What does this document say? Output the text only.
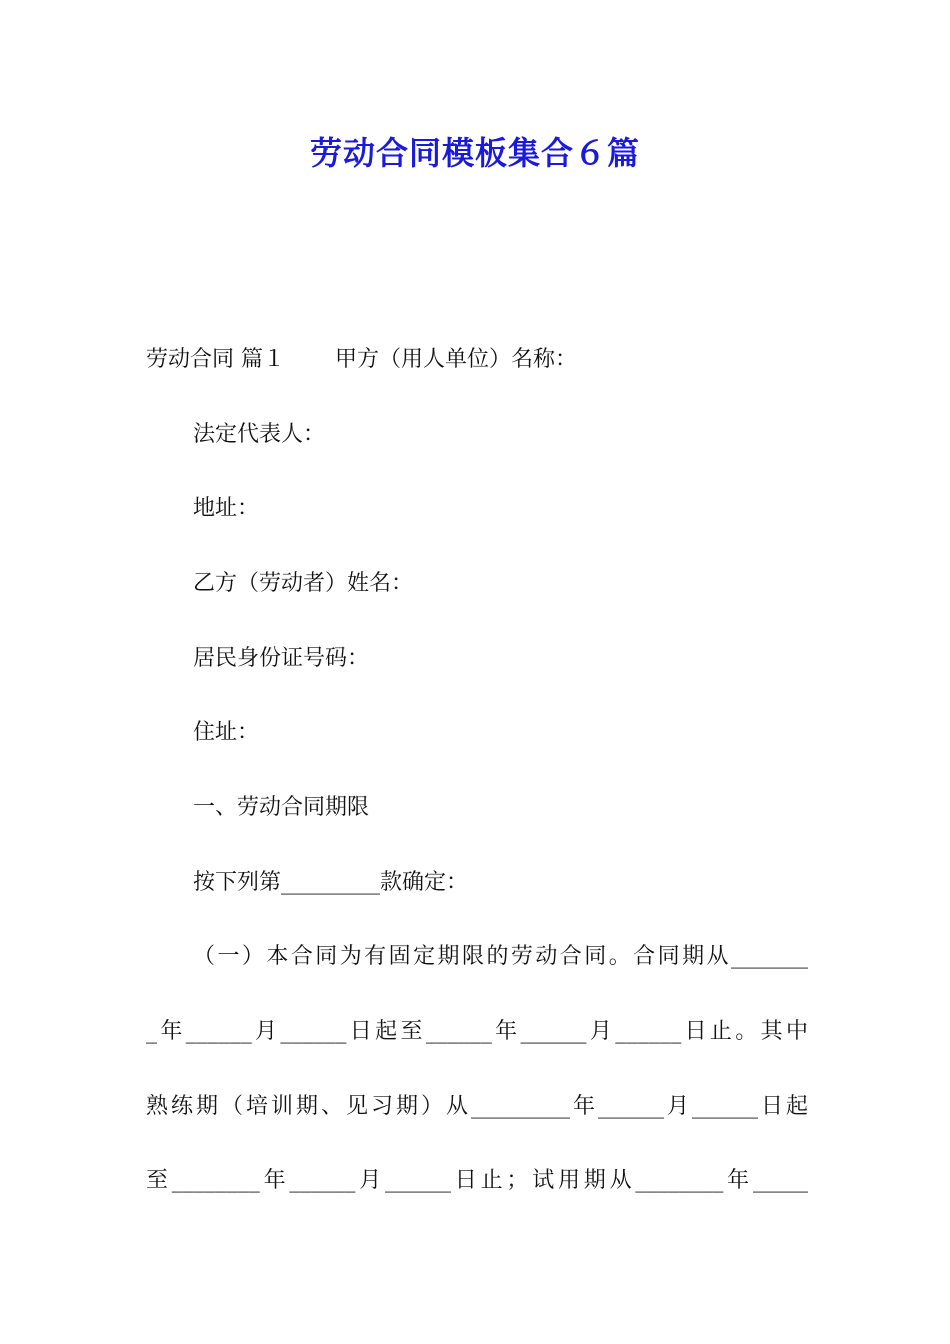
劳动合同模板集合６篇

劳动合同 篇１ 甲方（用人单位）名称：

法定代表人：

地址：

乙方（劳动者）姓名：

居民身份证号码：

住址：

一、劳动合同期限

按下列第_________款确定：

（一）本合同为有固定期限的劳动合同。合同期从_______

_年______月______日起至______年______月______日止。其中

熟练期（培训期、见习期）从_________年______月______日起

至________年______月______日止；试用期从________年_____
